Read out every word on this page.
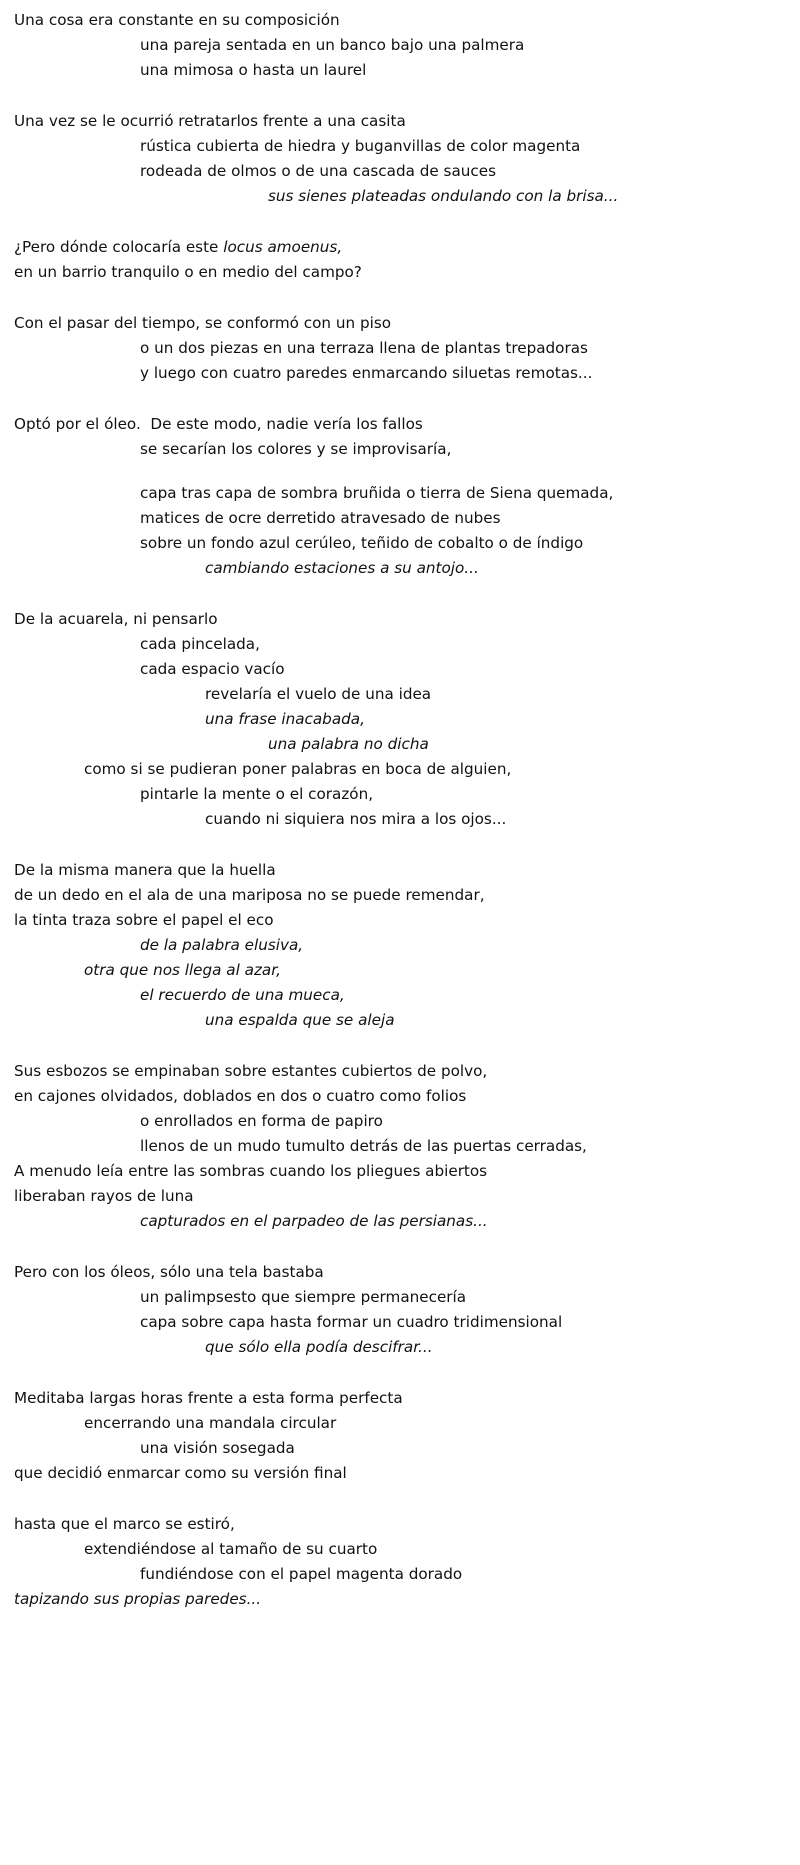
Una cosa era constante en su composición
una pareja sentada en un banco bajo una palmera
una mimosa o hasta un laurel
Una vez se le ocurrió retratarlos frente a una casita
rústica cubierta de hiedra y buganvillas de color magenta
rodeada de olmos o de una cascada de sauces
sus sienes plateadas ondulando con la brisa...
¿Pero dónde colocaría este locus amoenus,
en un barrio tranquilo o en medio del campo?
Con el pasar del tiempo, se conformó con un piso
o un dos piezas en una terraza llena de plantas trepadoras
y luego con cuatro paredes enmarcando siluetas remotas...
Optó por el óleo.  De este modo, nadie vería los fallos
se secarían los colores y se improvisaría,
capa tras capa de sombra bruñida o tierra de Siena quemada,
matices de ocre derretido atravesado de nubes
sobre un fondo azul cerúleo, teñido de cobalto o de índigo
cambiando estaciones a su antojo...
De la acuarela, ni pensarlo
cada pincelada,
cada espacio vacío
revelaría el vuelo de una idea
una frase inacabada,
una palabra no dicha
como si se pudieran poner palabras en boca de alguien,
pintarle la mente o el corazón,
cuando ni siquiera nos mira a los ojos...
De la misma manera que la huella
de un dedo en el ala de una mariposa no se puede remendar,
la tinta traza sobre el papel el eco
de la palabra elusiva,
otra que nos llega al azar,
el recuerdo de una mueca,
una espalda que se aleja
Sus esbozos se empinaban sobre estantes cubiertos de polvo,
en cajones olvidados, doblados en dos o cuatro como folios
o enrollados en forma de papiro
llenos de un mudo tumulto detrás de las puertas cerradas,
A menudo leía entre las sombras cuando los pliegues abiertos
liberaban rayos de luna
capturados en el parpadeo de las persianas...
Pero con los óleos, sólo una tela bastaba
un palimpsesto que siempre permanecería
capa sobre capa hasta formar un cuadro tridimensional
que sólo ella podía descifrar...
Meditaba largas horas frente a esta forma perfecta
encerrando una mandala circular
una visión sosegada
que decidió enmarcar como su versión final
hasta que el marco se estiró,
extendiéndose al tamaño de su cuarto
fundiéndose con el papel magenta dorado
tapizando sus propias paredes...
